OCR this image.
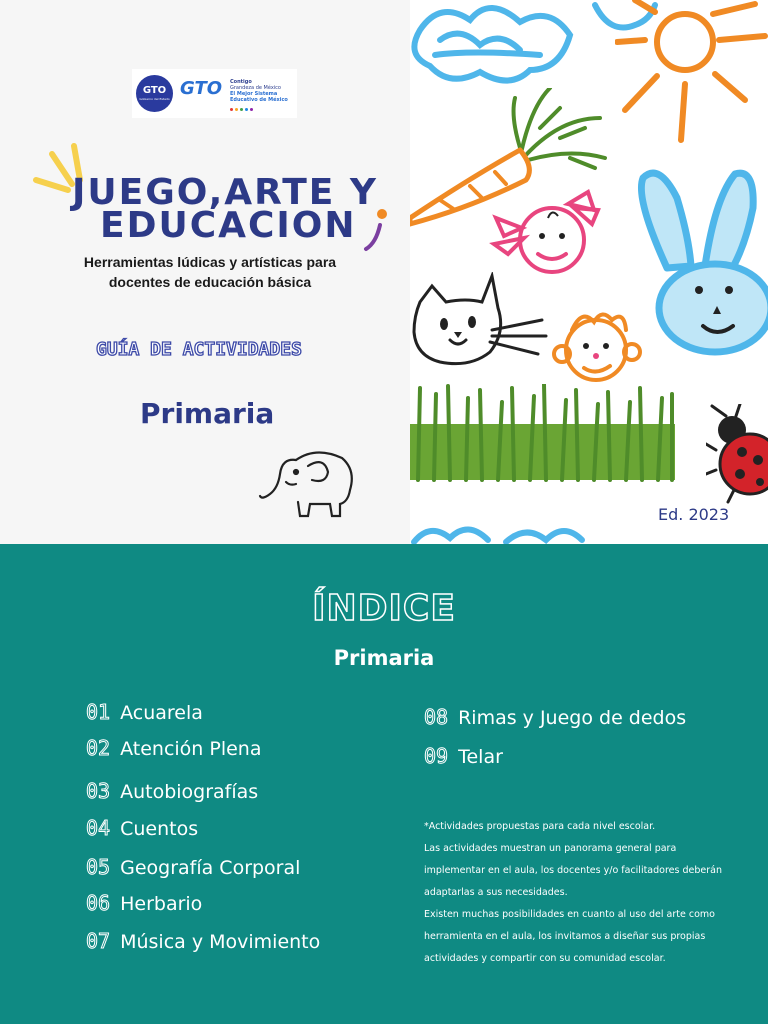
GTO
Gobierno del Estado GTO Contigo
Grandeza de México
El Mejor Sistema
Educativo de México
JUEGO,ARTE Y
EDUCACION
Herramientas lúdicas y artísticas para
docentes de educación básica
GUÍA DE ACTIVIDADES
Primaria
Ed. 2023
ÍNDICE
Primaria
01 Acuarela
02 Atención Plena
03 Autobiografías
04 Cuentos
05 Geografía Corporal
06 Herbario
07 Música y Movimiento
08 Rimas y Juego de dedos
09 Telar

*Actividades propuestas para cada nivel escolar.

Las actividades muestran un panorama general para implementar en el aula, los docentes y/o facilitadores deberán adaptarlas a sus necesidades.

Existen muchas posibilidades en cuanto al uso del arte como herramienta en el aula, los invitamos a diseñar sus propias actividades y compartir con su comunidad escolar.
